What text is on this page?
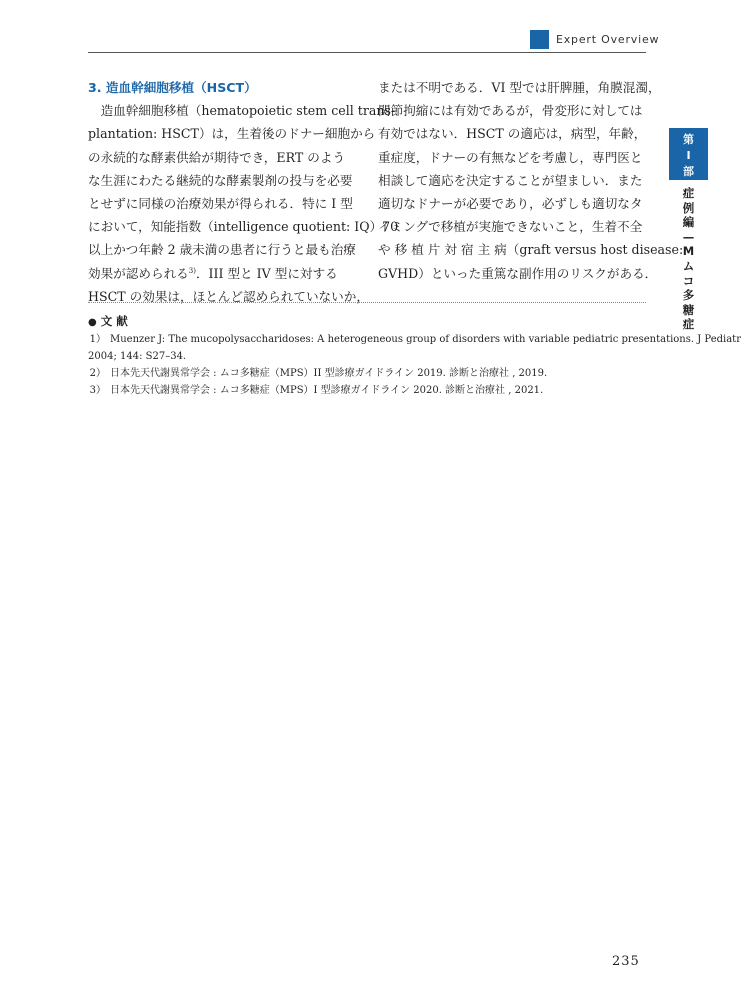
Expert Overview
3. 造血幹細胞移植（HSCT）
　造血幹細胞移植（hematopoietic stem cell trans-
plantation: HSCT）は，生着後のドナー細胞から
の永続的な酵素供給が期待でき，ERT のよう
な生涯にわたる継続的な酵素製剤の投与を必要
とせずに同様の治療効果が得られる．特に I 型
において，知能指数（intelligence quotient: IQ）70
以上かつ年齢 2 歳未満の患者に行うと最も治療
効果が認められる$^{3)}$．III 型と IV 型に対する
HSCT の効果は，ほとんど認められていないか，
または不明である．VI 型では肝脾腫，角膜混濁，
関節拘縮には有効であるが，骨変形に対しては
有効ではない．HSCT の適応は，病型，年齢，
重症度，ドナーの有無などを考慮し，専門医と
相談して適応を決定することが望ましい．また
適切なドナーが必要であり，必ずしも適切なタ
イミングで移植が実施できないこと，生着不全
や 移 植 片 対 宿 主 病（graft versus host disease:
GVHD）といった重篤な副作用のリスクがある．
● 文 献
1） Muenzer J: The mucopolysaccharidoses: A heterogeneous group of disorders with variable pediatric presentations. J Pediatr
2004; 144: S27–34.
2） 日本先天代謝異常学会 : ムコ多糖症（MPS）II 型診療ガイドライン 2019. 診断と治療社 , 2019.
3） 日本先天代謝異常学会 : ムコ多糖症（MPS）I 型診療ガイドライン 2020. 診断と治療社 , 2021.
第
I
部
症
例
編
—
M
ム
コ
多
糖
症
235
